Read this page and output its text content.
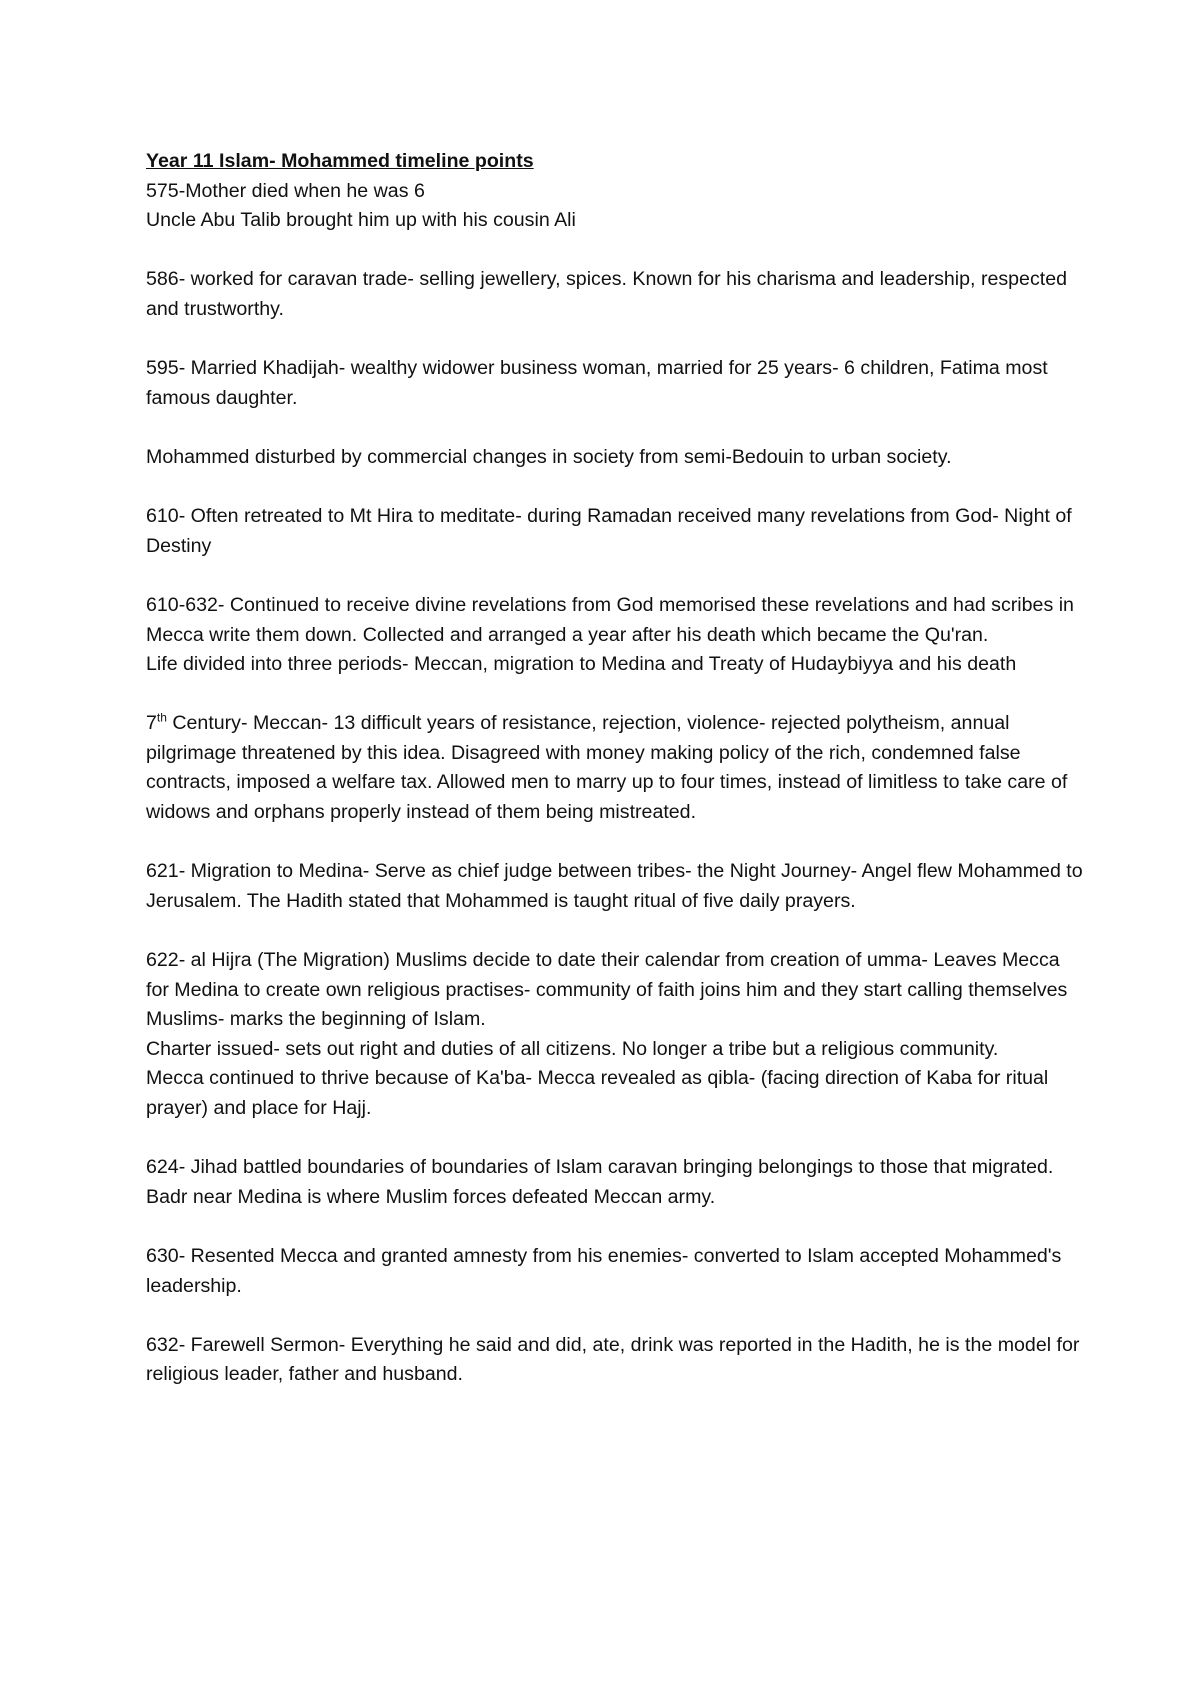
Year 11 Islam- Mohammed timeline points

575-Mother died when he was 6

Uncle Abu Talib brought him up with his cousin Ali

586- worked for caravan trade- selling jewellery, spices. Known for his charisma and leadership, respected and trustworthy.

595- Married Khadijah- wealthy widower business woman, married for 25 years- 6 children, Fatima most famous daughter.

Mohammed disturbed by commercial changes in society from semi-Bedouin to urban society.

610- Often retreated to Mt Hira to meditate- during Ramadan received many revelations from God- Night of Destiny

610-632- Continued to receive divine revelations from God memorised these revelations and had scribes in Mecca write them down. Collected and arranged a year after his death which became the Qu'ran.

Life divided into three periods- Meccan, migration to Medina and Treaty of Hudaybiyya and his death

7th Century- Meccan- 13 difficult years of resistance, rejection, violence- rejected polytheism, annual pilgrimage threatened by this idea. Disagreed with money making policy of the rich, condemned false contracts, imposed a welfare tax. Allowed men to marry up to four times, instead of limitless to take care of widows and orphans properly instead of them being mistreated.

621- Migration to Medina- Serve as chief judge between tribes- the Night Journey- Angel flew Mohammed to Jerusalem. The Hadith stated that Mohammed is taught ritual of five daily prayers.

622- al Hijra (The Migration) Muslims decide to date their calendar from creation of umma- Leaves Mecca for Medina to create own religious practises- community of faith joins him and they start calling themselves Muslims- marks the beginning of Islam.

Charter issued- sets out right and duties of all citizens. No longer a tribe but a religious community.

Mecca continued to thrive because of Ka'ba- Mecca revealed as qibla- (facing direction of Kaba for ritual prayer) and place for Hajj.

624- Jihad battled boundaries of boundaries of Islam caravan bringing belongings to those that migrated. Badr near Medina is where Muslim forces defeated Meccan army.

630- Resented Mecca and granted amnesty from his enemies- converted to Islam accepted Mohammed's leadership.

632- Farewell Sermon- Everything he said and did, ate, drink was reported in the Hadith, he is the model for religious leader, father and husband.
